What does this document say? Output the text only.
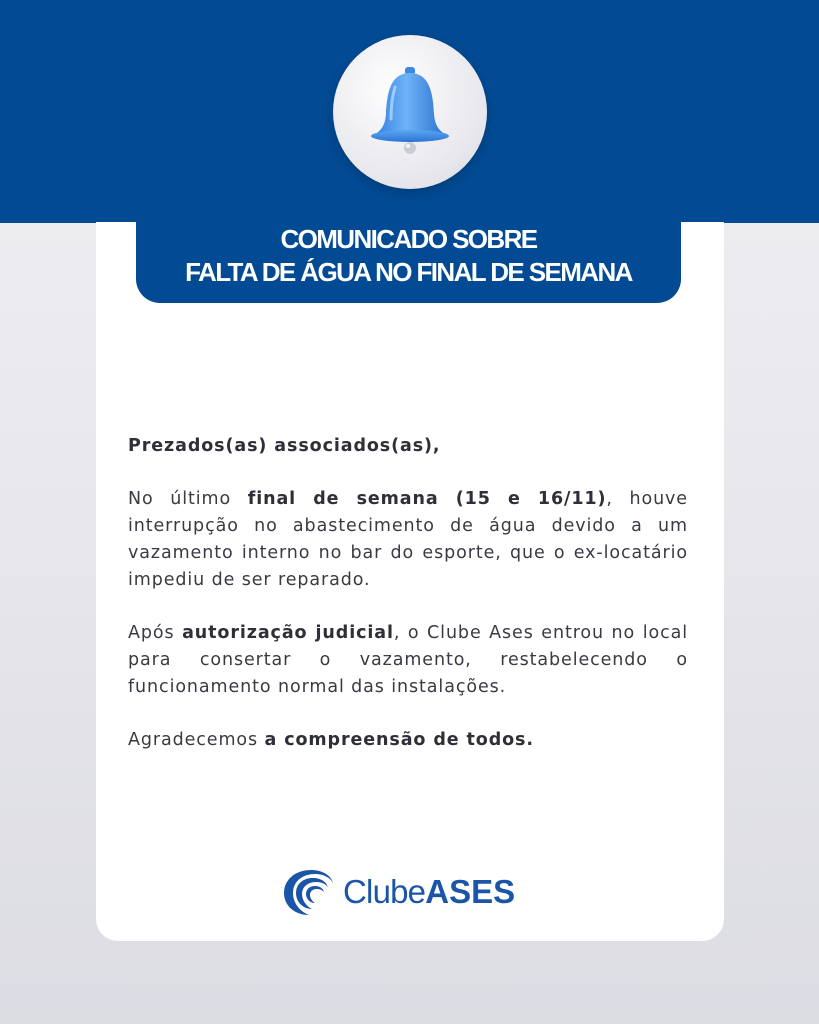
COMUNICADO SOBRE
FALTA DE ÁGUA NO FINAL DE SEMANA

Prezados(as) associados(as),

No último final de semana (15 e 16/11), houve interrupção no abastecimento de água devido a um vazamento interno no bar do esporte, que o ex-locatário impediu de ser reparado.

Após autorização judicial, o Clube Ases entrou no local para consertar o vazamento, restabelecendo o funcionamento normal das instalações.

Agradecemos a compreensão de todos.

Clube ASES
